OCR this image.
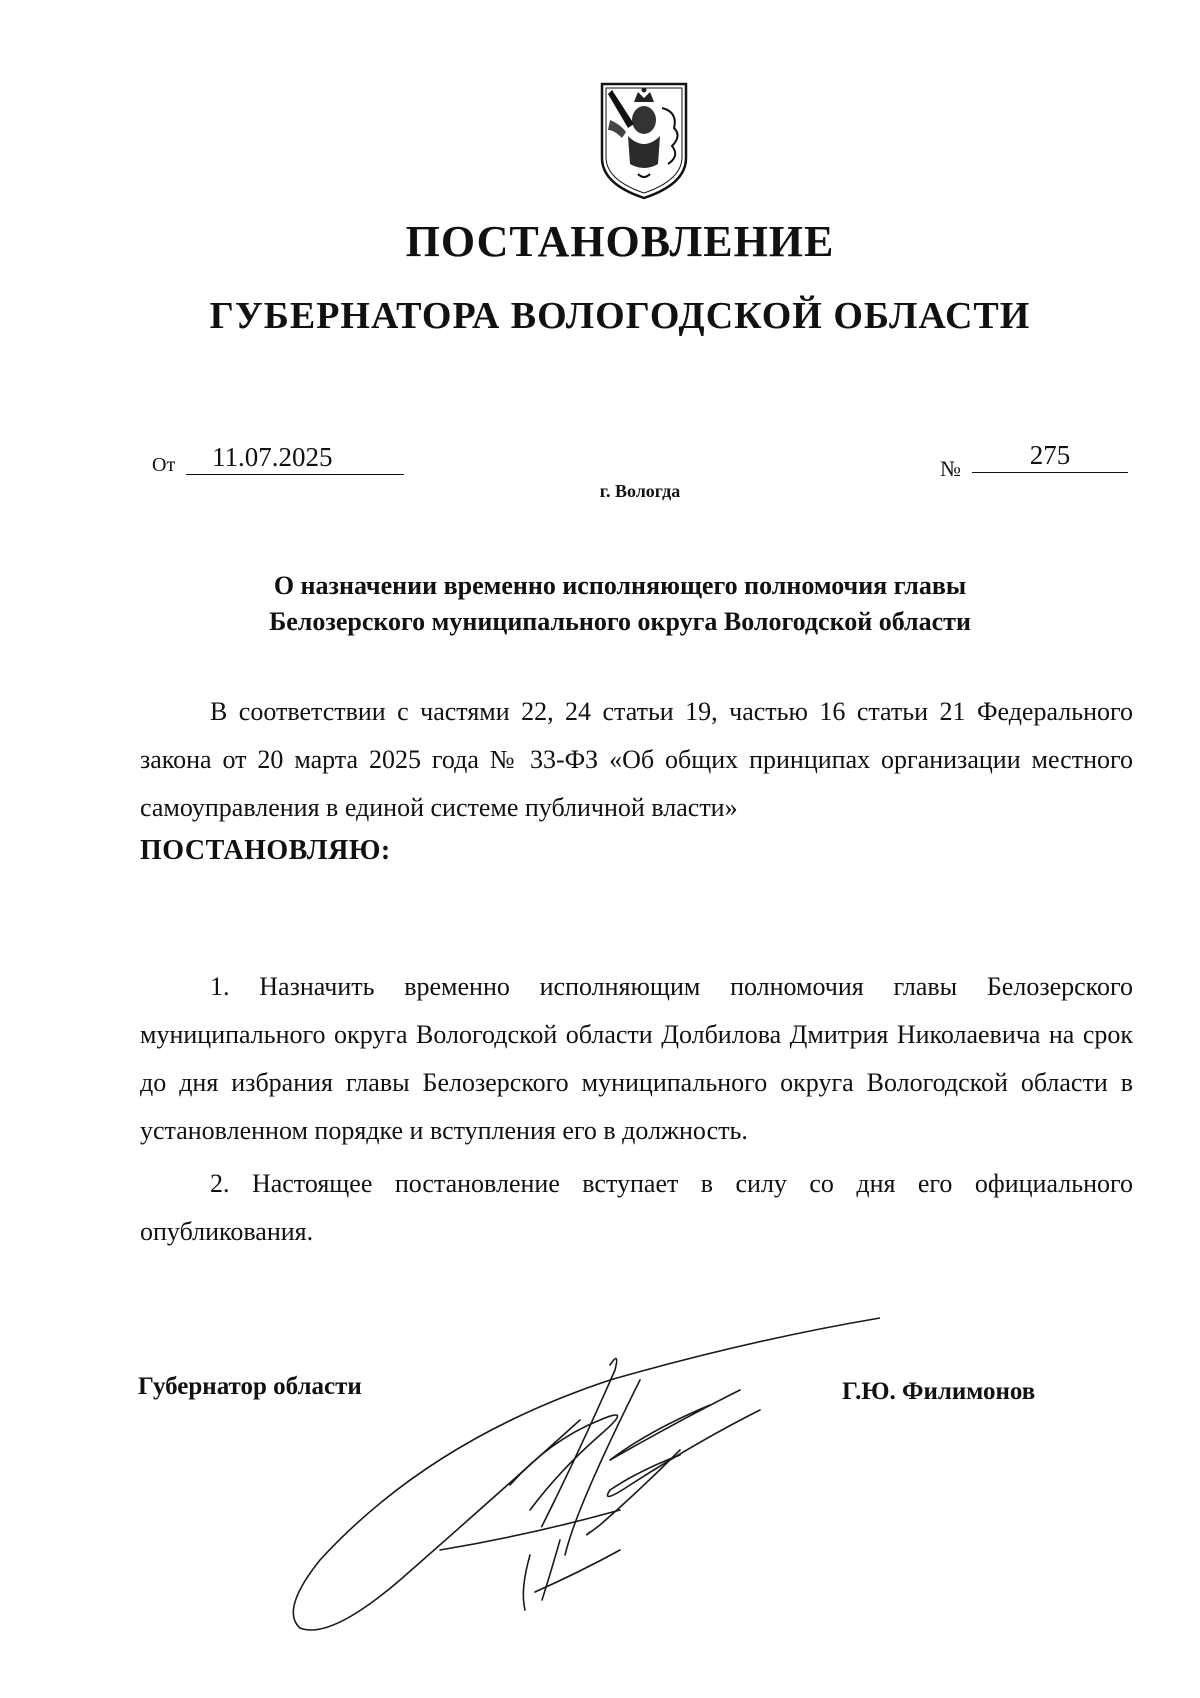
ПОСТАНОВЛЕНИЕ
ГУБЕРНАТОРА ВОЛОГОДСКОЙ ОБЛАСТИ
От	11.07.2025	№	275
г. Вологда
О назначении временно исполняющего полномочия главы
Белозерского муниципального округа Вологодской области
В соответствии с частями 22, 24 статьи 19, частью 16 статьи 21 Федерального закона от 20 марта 2025 года № 33-ФЗ «Об общих принципах организации местного самоуправления в единой системе публичной власти»
ПОСТАНОВЛЯЮ:
1. Назначить временно исполняющим полномочия главы Белозерского муниципального округа Вологодской области Долбилова Дмитрия Николаевича на срок до дня избрания главы Белозерского муниципального округа Вологодской области в установленном порядке и вступления его в должность.
2. Настоящее постановление вступает в силу со дня его официального опубликования.
Губернатор области	Г.Ю. Филимонов
